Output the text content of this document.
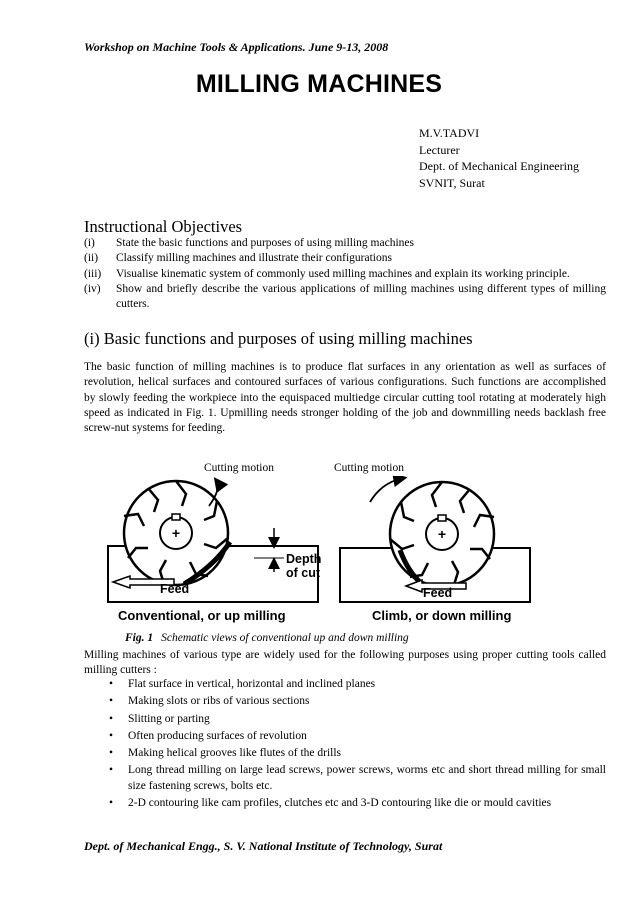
Workshop on Machine Tools & Applications. June 9-13, 2008
MILLING MACHINES
M.V.TADVI
Lecturer
Dept. of Mechanical Engineering
SVNIT, Surat
Instructional Objectives
(i)	State the basic functions and purposes of using milling machines
(ii)	Classify milling machines and illustrate their configurations
(iii)	Visualise kinematic system of commonly used milling machines and explain its working principle.
(iv)	Show and briefly describe the various applications of milling machines using different types of milling cutters.
(i) Basic functions and purposes of using milling machines
The basic function of milling machines is to produce flat surfaces in any orientation as well as surfaces of revolution, helical surfaces and contoured surfaces of various configurations. Such functions are accomplished by slowly feeding the workpiece into the equispaced multiedge circular cutting tool rotating at moderately high speed as indicated in Fig. 1. Upmilling needs stronger holding of the job and downmilling needs backlash free screw-nut systems for feeding.
Cutting motion	Cutting motion
+
Feed
Depth
of cut
Conventional, or up milling
+
Feed
Climb, or down milling
Fig. 1 Schematic views of conventional up and down milling
Milling machines of various type are widely used for the following purposes using proper cutting tools called milling cutters :
•	Flat surface in vertical, horizontal and inclined planes
•	Making slots or ribs of various sections
•	Slitting or parting
•	Often producing surfaces of revolution
•	Making helical grooves like flutes of the drills
•	Long thread milling on large lead screws, power screws, worms etc and short thread milling for small size fastening screws, bolts etc.
•	2-D contouring like cam profiles, clutches etc and 3-D contouring like die or mould cavities
Dept. of Mechanical Engg., S. V. National Institute of Technology, Surat
